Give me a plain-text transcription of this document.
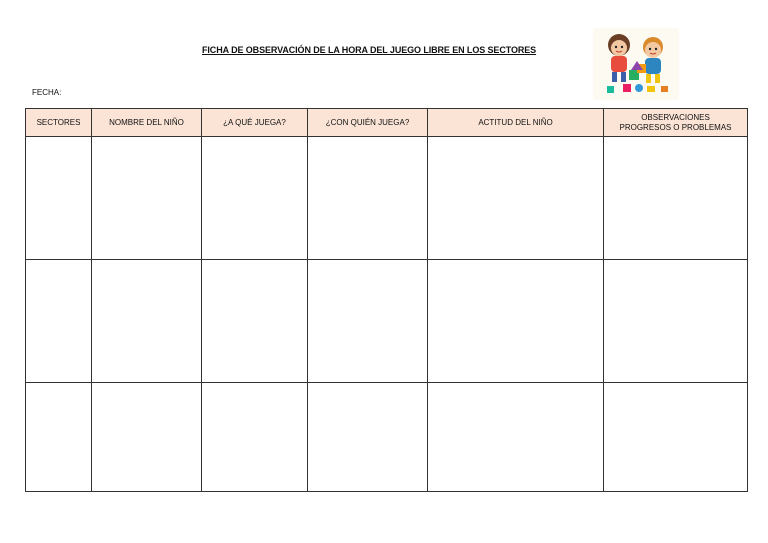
FICHA DE OBSERVACIÓN DE LA HORA DEL JUEGO LIBRE EN LOS SECTORES
FECHA:
SECTORES	NOMBRE DEL NIÑO	¿A QUÉ JUEGA?	¿CON QUIÉN JUEGA?	ACTITUD DEL NIÑO	OBSERVACIONES
PROGRESOS O PROBLEMAS
